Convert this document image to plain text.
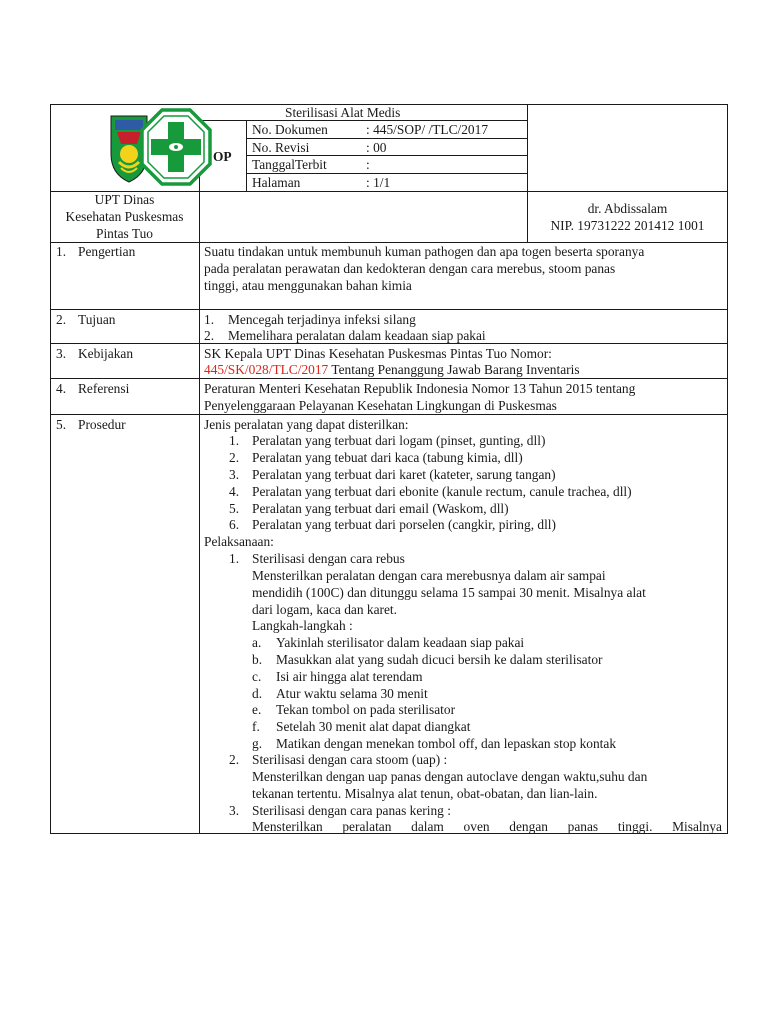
Sterilisasi Alat Medis
OP
No. Dokumen	: 445/SOP/ /TLC/2017
No. Revisi	: 00
TanggalTerbit	:
Halaman	: 1/1
UPT Dinas
Kesehatan Puskesmas
Pintas Tuo
dr. Abdissalam
NIP. 19731222 201412 1001
1. Pengertian	Suatu tindakan untuk membunuh kuman pathogen dan apa togen beserta sporanya
pada peralatan perawatan dan kedokteran dengan cara merebus, stoom panas
tinggi, atau menggunakan bahan kimia
2. Tujuan	1. Mencegah terjadinya infeksi silang
2. Memelihara peralatan dalam keadaan siap pakai
3. Kebijakan	SK Kepala UPT Dinas Kesehatan Puskesmas Pintas Tuo Nomor:
445/SK/028/TLC/2017 Tentang Penanggung Jawab Barang Inventaris
4. Referensi	Peraturan Menteri Kesehatan Republik Indonesia Nomor 13 Tahun 2015 tentang
Penyelenggaraan Pelayanan Kesehatan Lingkungan di Puskesmas
5. Prosedur	Jenis peralatan yang dapat disterilkan:
1. Peralatan yang terbuat dari logam (pinset, gunting, dll)
2. Peralatan yang tebuat dari kaca (tabung kimia, dll)
3. Peralatan yang terbuat dari karet (kateter, sarung tangan)
4. Peralatan yang terbuat dari ebonite (kanule rectum, canule trachea, dll)
5. Peralatan yang terbuat dari email (Waskom, dll)
6. Peralatan yang terbuat dari porselen (cangkir, piring, dll)
Pelaksanaan:
1. Sterilisasi dengan cara rebus
Mensterilkan peralatan dengan cara merebusnya dalam air sampai
mendidih (100C) dan ditunggu selama 15 sampai 30 menit. Misalnya alat
dari logam, kaca dan karet.
Langkah-langkah :
a. Yakinlah sterilisator dalam keadaan siap pakai
b. Masukkan alat yang sudah dicuci bersih ke dalam sterilisator
c. Isi air hingga alat terendam
d. Atur waktu selama 30 menit
e. Tekan tombol on pada sterilisator
f. Setelah 30 menit alat dapat diangkat
g. Matikan dengan menekan tombol off, dan lepaskan stop kontak
2. Sterilisasi dengan cara stoom (uap) :
Mensterilkan dengan uap panas dengan autoclave dengan waktu,suhu dan
tekanan tertentu. Misalnya alat tenun, obat-obatan, dan lian-lain.
3. Sterilisasi dengan cara panas kering :
Mensterilkan peralatan dalam oven dengan panas tinggi. Misalnya
